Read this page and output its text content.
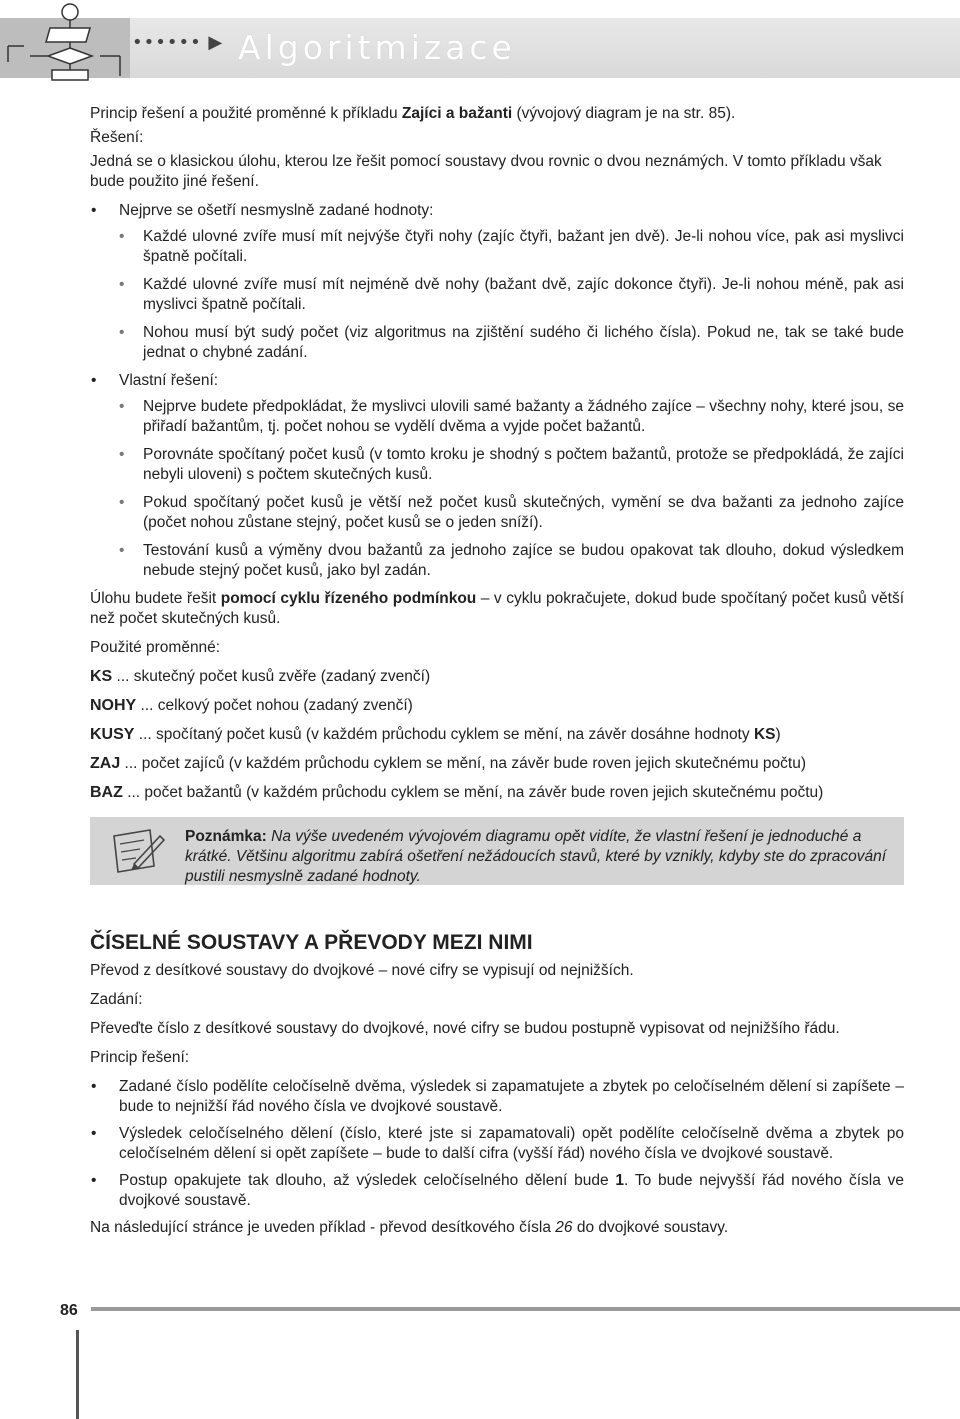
•••••• ▶ Algoritmizace

Princip řešení a použité proměnné k příkladu Zajíci a bažanti (vývojový diagram je na str. 85).

Řešení:

Jedná se o klasickou úlohu, kterou lze řešit pomocí soustavy dvou rovnic o dvou neznámých. V tomto příkladu však bude použito jiné řešení.

• Nejprve se ošetří nesmyslně zadané hodnoty:
• Každé ulovné zvíře musí mít nejvýše čtyři nohy (zajíc čtyři, bažant jen dvě). Je-li nohou více, pak asi myslivci špatně počítali.
• Každé ulovné zvíře musí mít nejméně dvě nohy (bažant dvě, zajíc dokonce čtyři). Je-li nohou méně, pak asi myslivci špatně počítali.
• Nohou musí být sudý počet (viz algoritmus na zjištění sudého či lichého čísla). Pokud ne, tak se také bude jednat o chybné zadání.
• Vlastní řešení:
• Nejprve budete předpokládat, že myslivci ulovili samé bažanty a žádného zajíce – všechny nohy, které jsou, se přiřadí bažantům, tj. počet nohou se vydělí dvěma a vyjde počet bažantů.
• Porovnáte spočítaný počet kusů (v tomto kroku je shodný s počtem bažantů, protože se předpokládá, že zajíci nebyli uloveni) s počtem skutečných kusů.
• Pokud spočítaný počet kusů je větší než počet kusů skutečných, vymění se dva bažanti za jednoho zajíce (počet nohou zůstane stejný, počet kusů se o jeden sníží).
• Testování kusů a výměny dvou bažantů za jednoho zajíce se budou opakovat tak dlouho, dokud výsledkem nebude stejný počet kusů, jako byl zadán.

Úlohu budete řešit pomocí cyklu řízeného podmínkou – v cyklu pokračujete, dokud bude spočítaný počet kusů větší než počet skutečných kusů.

Použité proměnné:

KS ... skutečný počet kusů zvěře (zadaný zvenčí)

NOHY ... celkový počet nohou (zadaný zvenčí)

KUSY ... spočítaný počet kusů (v každém průchodu cyklem se mění, na závěr dosáhne hodnoty KS)

ZAJ ... počet zajíců (v každém průchodu cyklem se mění, na závěr bude roven jejich skutečnému počtu)

BAZ ... počet bažantů (v každém průchodu cyklem se mění, na závěr bude roven jejich skutečnému počtu)

Poznámka: Na výše uvedeném vývojovém diagramu opět vidíte, že vlastní řešení je jednoduché a krátké. Většinu algoritmu zabírá ošetření nežádoucích stavů, které by vznikly, kdyby ste do zpracování pustili nesmyslně zadané hodnoty.
ČÍSELNÉ SOUSTAVY A PŘEVODY MEZI NIMI

Převod z desítkové soustavy do dvojkové – nové cifry se vypisují od nejnižších.

Zadání:

Převeďte číslo z desítkové soustavy do dvojkové, nové cifry se budou postupně vypisovat od nejnižšího řádu.

Princip řešení:

• Zadané číslo podělíte celočíselně dvěma, výsledek si zapamatujete a zbytek po celočíselném dělení si zapíšete – bude to nejnižší řád nového čísla ve dvojkové soustavě.
• Výsledek celočíselného dělení (číslo, které jste si zapamatovali) opět podělíte celočíselně dvěma a zbytek po celočíselném dělení si opět zapíšete – bude to další cifra (vyšší řád) nového čísla ve dvojkové soustavě.
• Postup opakujete tak dlouho, až výsledek celočíselného dělení bude 1. To bude nejvyšší řád nového čísla ve dvojkové soustavě.

Na následující stránce je uveden příklad - převod desítkového čísla 26 do dvojkové soustavy.

86
